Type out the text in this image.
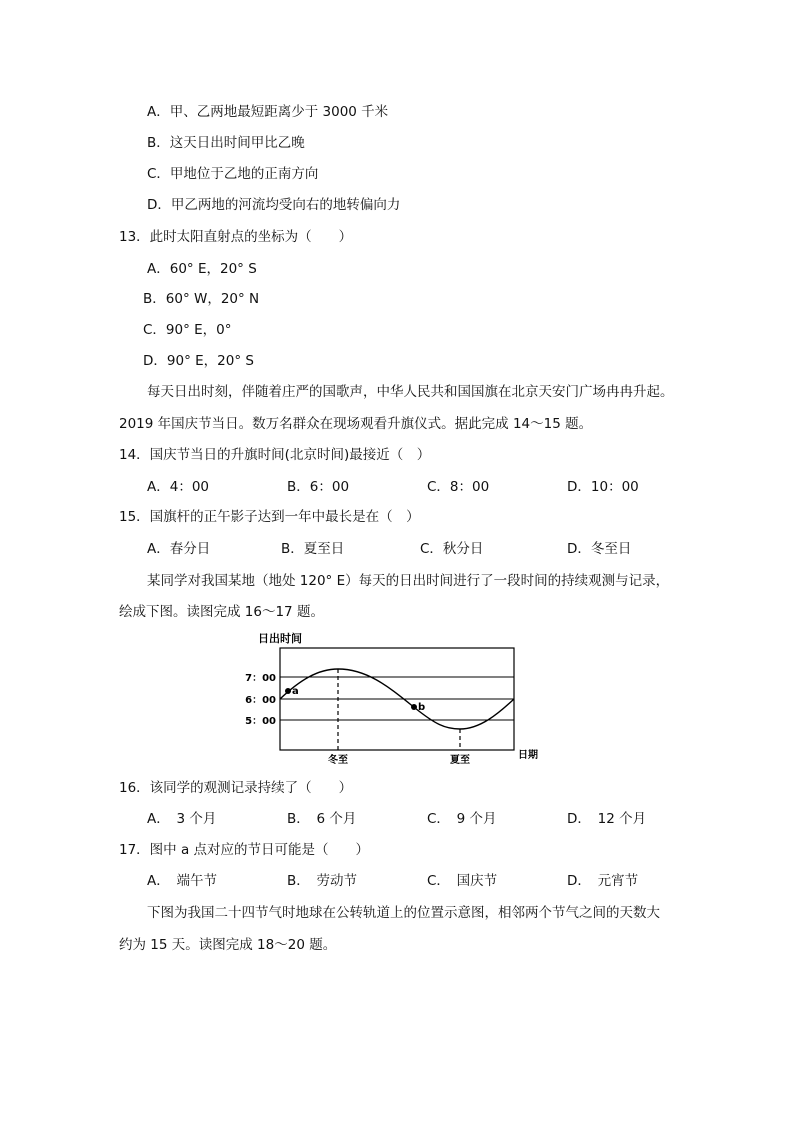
A．甲、乙两地最短距离少于 3000 千米
B．这天日出时间甲比乙晚
C．甲地位于乙地的正南方向
D．甲乙两地的河流均受向右的地转偏向力
13．此时太阳直射点的坐标为（　　）
A．60° E，20° S
B．60° W，20° N
C．90° E，0°
D．90° E，20° S
每天日出时刻，伴随着庄严的国歌声，中华人民共和国国旗在北京天安门广场冉冉升起。
2019 年国庆节当日。数万名群众在现场观看升旗仪式。据此完成 14～15 题。
14．国庆节当日的升旗时间(北京时间)最接近（　）
A．4：00	B．6：00	C．8：00	D．10：00
15．国旗杆的正午影子达到一年中最长是在（　）
A．春分日	B．夏至日	C．秋分日	D．冬至日
某同学对我国某地（地处 120° E）每天的日出时间进行了一段时间的持续观测与记录，
绘成下图。读图完成 16～17 题。
日出时间
7：00
6：00
5：00
a
b
冬至	夏至	日期
16．该同学的观测记录持续了（　　）
A．　3 个月	B．　6 个月	C．　9 个月	D．　12 个月
17．图中 a 点对应的节日可能是（　　）
A．　端午节	B．　劳动节	C．　国庆节	D．　元宵节
下图为我国二十四节气时地球在公转轨道上的位置示意图，相邻两个节气之间的天数大
约为 15 天。读图完成 18～20 题。
